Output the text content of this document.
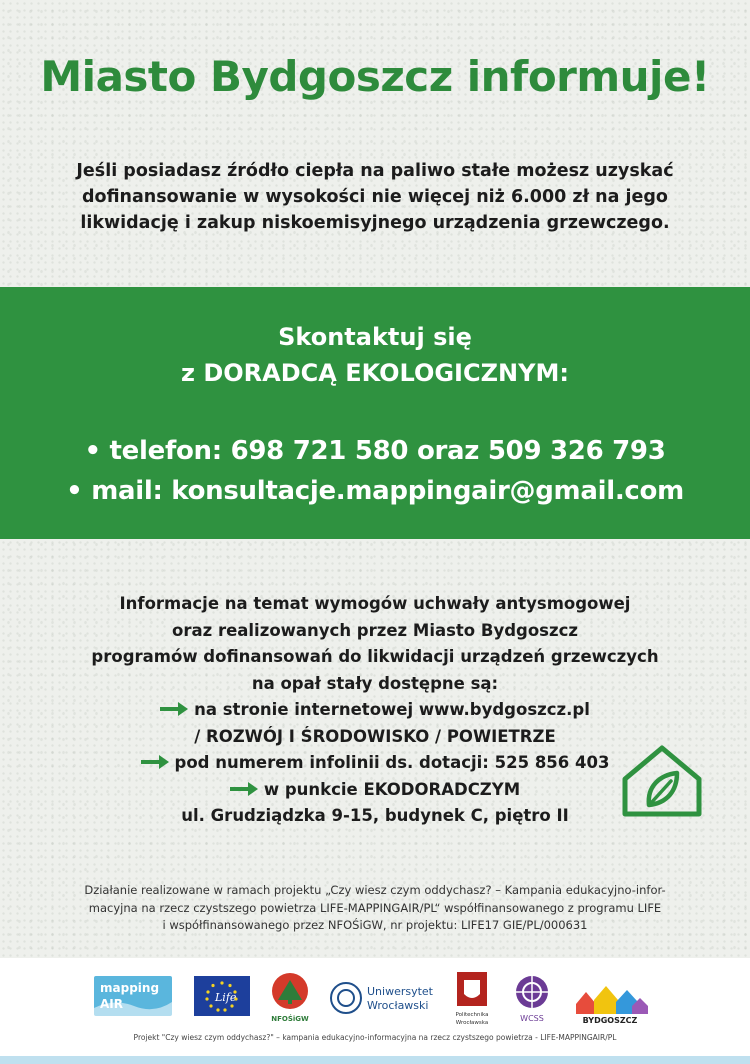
Miasto Bydgoszcz informuje!
Jeśli posiadasz źródło ciepła na paliwo stałe możesz uzyskać
dofinansowanie w wysokości nie więcej niż 6.000 zł na jego
likwidację i zakup niskoemisyjnego urządzenia grzewczego.
Skontaktuj się
z DORADCĄ EKOLOGICZNYM:
• telefon: 698 721 580 oraz 509 326 793
• mail: konsultacje.mappingair@gmail.com
Informacje na temat wymogów uchwały antysmogowej
oraz realizowanych przez Miasto Bydgoszcz
programów dofinansowań do likwidacji urządzeń grzewczych
na opał stały dostępne są:
na stronie internetowej www.bydgoszcz.pl
/ ROZWÓJ I ŚRODOWISKO / POWIETRZE
pod numerem infolinii ds. dotacji: 525 856 403
w punkcie EKODORADCZYM
ul. Grudziądzka 9-15, budynek C, piętro II
Działanie realizowane w ramach projektu „Czy wiesz czym oddychasz? – Kampania edukacyjno-infor-
macyjna na rzecz czystszego powietrza LIFE-MAPPINGAIR/PL“ współfinansowanego z programu LIFE
i współfinansowanego przez NFOŚiGW, nr projektu: LIFE17 GIE/PL/000631
mapping
AIR	Life
NFOŚiGW
Uniwersytet
Wrocławski
Politechnika
Wrocławska	WCSS	BYDGOSZCZ
Projekt "Czy wiesz czym oddychasz?" – kampania edukacyjno-informacyjna na rzecz czystszego powietrza - LIFE-MAPPINGAIR/PL
